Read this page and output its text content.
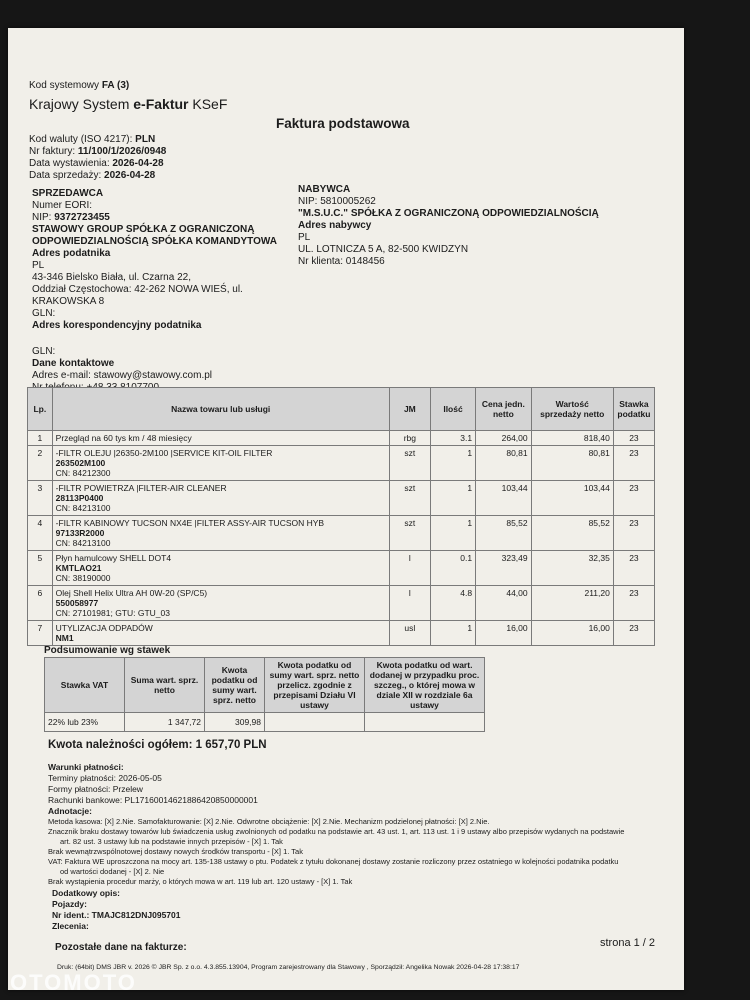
Kod systemowy FA (3)
Krajowy System e-Faktur KSeF
Faktura podstawowa
Kod waluty (ISO 4217): PLN
Nr faktury: 11/100/1/2026/0948
Data wystawienia: 2026-04-28
Data sprzedaży: 2026-04-28
SPRZEDAWCA
Numer EORI:
NIP: 9372723455
STAWOWY GROUP SPÓŁKA Z OGRANICZONĄ
ODPOWIEDZIALNOŚCIĄ SPÓŁKA KOMANDYTOWA
Adres podatnika
PL
43-346 Bielsko Biała, ul. Czarna 22,
Oddział Częstochowa: 42-262 NOWA WIEŚ, ul.
KRAKOWSKA 8
GLN:
Adres korespondencyjny podatnika
GLN:
Dane kontaktowe
Adres e-mail: stawowy@stawowy.com.pl
NABYWCA
NIP: 5810005262
"M.S.U.C." SPÓŁKA Z OGRANICZONĄ ODPOWIEDZIALNOŚCIĄ
Adres nabywcy
PL
UL. LOTNICZA 5 A, 82-500 KWIDZYN
Nr klienta: 0148456
Lp.	Nazwa towaru lub usługi	JM	Ilość	Cena jedn. netto	Wartość sprzedaży netto	Stawka podatku
1	Przegląd na 60 tys km / 48 miesięcy	rbg	3.1	264,00	818,40	23
2	-FILTR OLEJU |26350-2M100 |SERVICE KIT-OIL FILTER
263502M100
CN: 84212300	szt	1	80,81	80,81	23
3	-FILTR POWIETRZA |FILTER-AIR CLEANER
28113P0400
CN: 84213100	szt	1	103,44	103,44	23
4	-FILTR KABINOWY TUCSON NX4E |FILTER ASSY-AIR TUCSON HYB
97133R2000
CN: 84213100	szt	1	85,52	85,52	23
5	Płyn hamulcowy SHELL DOT4
KMTLAO21
CN: 38190000	l	0.1	323,49	32,35	23
6	Olej Shell Helix Ultra AH 0W-20 (SP/C5)
550058977
CN: 27101981; GTU: GTU_03	l	4.8	44,00	211,20	23
7	UTYLIZACJA ODPADÓW
NM1	usl	1	16,00	16,00	23
Podsumowanie wg stawek
Stawka VAT	Suma wart. sprz. netto	Kwota podatku od sumy wart. sprz. netto	Kwota podatku od sumy wart. sprz. netto przelicz. zgodnie z przepisami Działu VI ustawy	Kwota podatku od wart. dodanej w przypadku proc. szczeg., o której mowa w dziale XII w rozdziale 6a ustawy
22% lub 23%	1 347,72	309,98		
Kwota należności ogółem: 1 657,70 PLN
Warunki płatności:
Terminy płatności: 2026-05-05
Formy płatności: Przelew
Rachunki bankowe: PL17160014621886420850000001
Adnotacje:
Metoda kasowa: [X] 2.Nie. Samofakturowanie: [X] 2.Nie. Odwrotne obciążenie: [X] 2.Nie. Mechanizm podzielonej płatności: [X] 2.Nie.
Znacznik braku dostawy towarów lub świadczenia usług zwolnionych od podatku na podstawie art. 43 ust. 1, art. 113 ust. 1 i 9 ustawy albo przepisów wydanych na podstawie
art. 82 ust. 3 ustawy lub na podstawie innych przepisów - [X] 1. Tak
Brak wewnątrzwspólnotowej dostawy nowych środków transportu - [X] 1. Tak
VAT: Faktura WE uproszczona na mocy art. 135-138 ustawy o ptu. Podatek z tytułu dokonanej dostawy zostanie rozliczony przez ostatniego w kolejności podatnika podatku
od wartości dodanej - [X] 2. Nie
Brak wystąpienia procedur marży, o których mowa w art. 119 lub art. 120 ustawy - [X] 1. Tak
Dodatkowy opis:
Pojazdy:
Nr ident.: TMAJC812DNJ095701
Zlecenia:
Pozostałe dane na fakturze:	strona 1 / 2
Druk: (64bit) DMS JBR v. 2026 © JBR Sp. z o.o. 4.3.855.13904, Program zarejestrowany dla Stawowy , Sporządził: Angelika Nowak 2026-04-28 17:38:17
OTOMOTO
